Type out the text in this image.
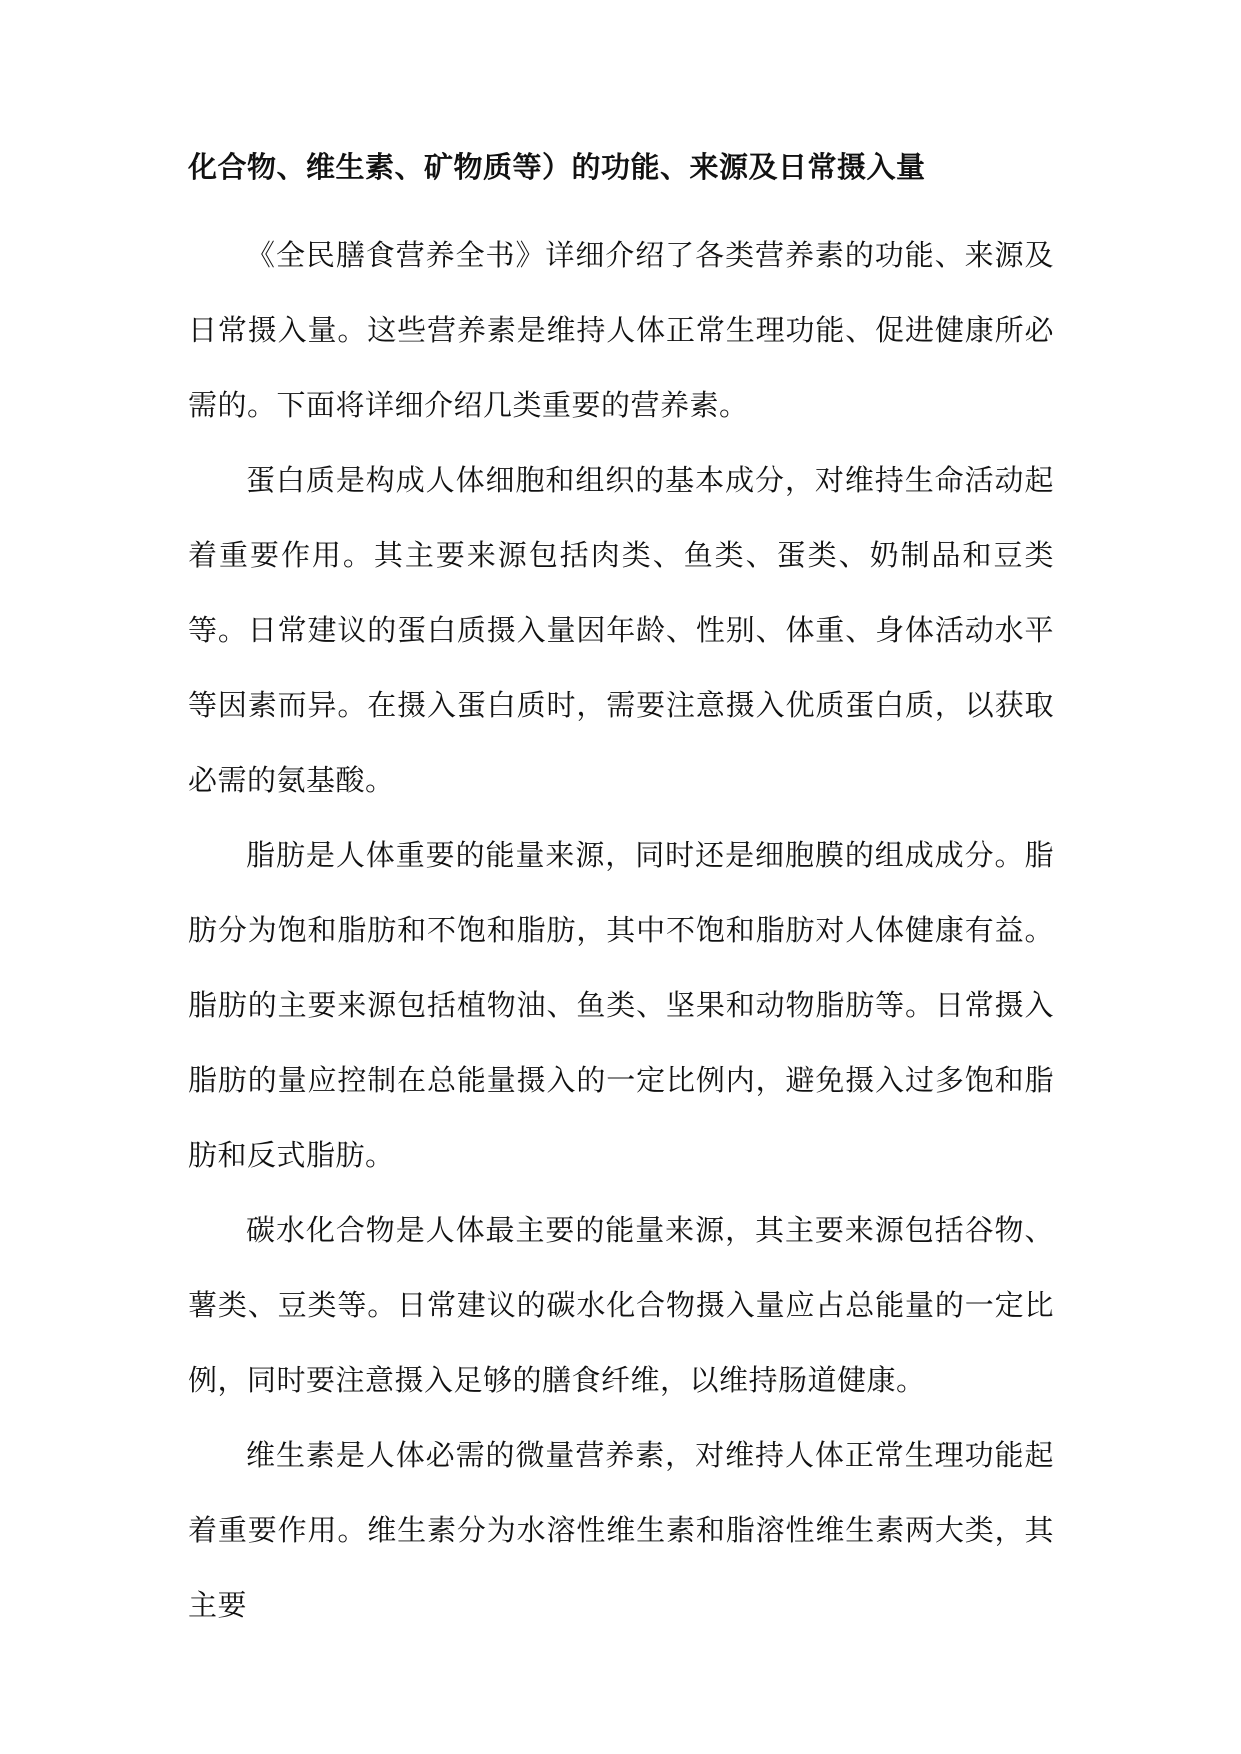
化合物、维生素、矿物质等）的功能、来源及日常摄入量

《全民膳食营养全书》详细介绍了各类营养素的功能、来源及日常摄入量。这些营养素是维持人体正常生理功能、促进健康所必需的。下面将详细介绍几类重要的营养素。

蛋白质是构成人体细胞和组织的基本成分，对维持生命活动起着重要作用。其主要来源包括肉类、鱼类、蛋类、奶制品和豆类等。日常建议的蛋白质摄入量因年龄、性别、体重、身体活动水平等因素而异。在摄入蛋白质时，需要注意摄入优质蛋白质，以获取必需的氨基酸。

脂肪是人体重要的能量来源，同时还是细胞膜的组成成分。脂肪分为饱和脂肪和不饱和脂肪，其中不饱和脂肪对人体健康有益。脂肪的主要来源包括植物油、鱼类、坚果和动物脂肪等。日常摄入脂肪的量应控制在总能量摄入的一定比例内，避免摄入过多饱和脂肪和反式脂肪。

碳水化合物是人体最主要的能量来源，其主要来源包括谷物、薯类、豆类等。日常建议的碳水化合物摄入量应占总能量的一定比例，同时要注意摄入足够的膳食纤维，以维持肠道健康。

维生素是人体必需的微量营养素，对维持人体正常生理功能起着重要作用。维生素分为水溶性维生素和脂溶性维生素两大类，其主要
